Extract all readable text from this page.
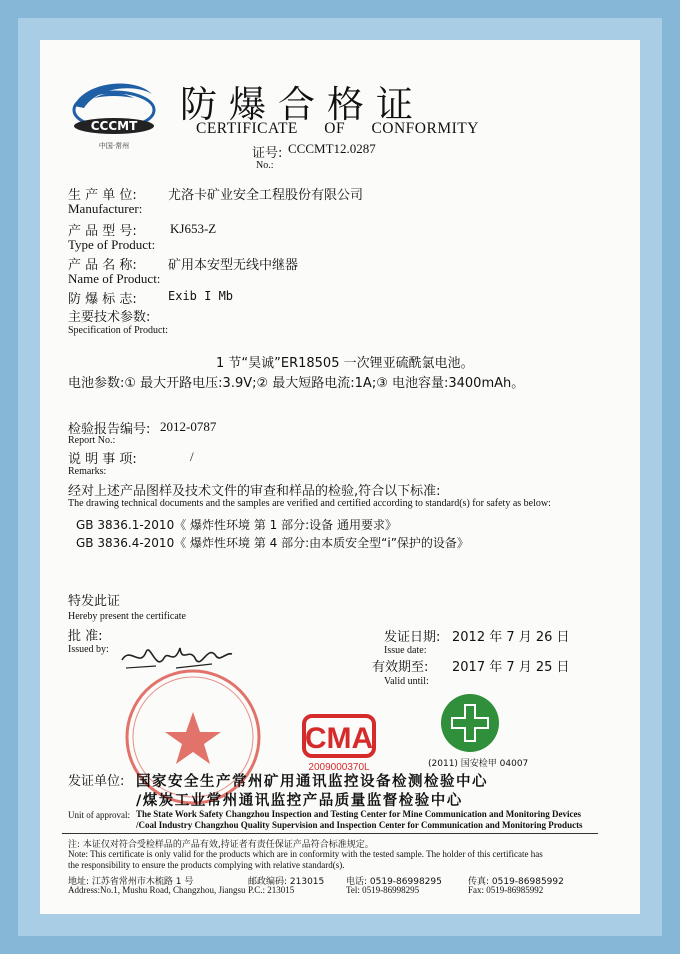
CCCMT
中国·常州
防爆合格证
CERTIFICATE OF CONFORMITY
证号: CCCMT12.0287
No.:
生 产 单 位: 尤洛卡矿业安全工程股份有限公司
Manufacturer:
产 品 型 号:	KJ653-Z
Type of Product:
产 品 名 称: 矿用本安型无线中继器
Name of Product:
防 爆 标 志:	Exib I Mb
主要技术参数:
Specification of Product:
1 节“昊诚”ER18505 一次锂亚硫酰氯电池。
电池参数:① 最大开路电压:3.9V;② 最大短路电流:1A;③ 电池容量:3400mAh。
检验报告编号: 2012-0787
Report No.:
说 明 事 项:	/
Remarks:
经对上述产品图样及技术文件的审查和样品的检验,符合以下标准:
The drawing technical documents and the samples are verified and certified according to standard(s) for safety as below:
GB 3836.1-2010《 爆炸性环境 第 1 部分:设备 通用要求》
GB 3836.4-2010《 爆炸性环境 第 4 部分:由本质安全型“i”保护的设备》
特发此证
Hereby present the certificate
批 准:
Issued by:
发证日期: 2012 年 7 月 26 日
Issue date:
有效期至: 2017 年 7 月 25 日
Valid until:
CMA
2009000370L	(2011) 国安检甲 04007
发证单位: 国家安全生产常州矿用通讯监控设备检测检验中心
/煤炭工业常州通讯监控产品质量监督检验中心
Unit of approval: The State Work Safety Changzhou Inspection and Testing Center for Mine Communication and Monitoring Devices
/Coal Industry Changzhou Quality Supervision and Inspection Center for Communication and Monitoring Products
注: 本证仅对符合受检样品的产品有效,持证者有责任保证产品符合标准规定。
Note: This certificate is only valid for the products which are in conformity with the tested sample. The holder of this certificate has
the responsibility to ensure the products complying with relative standard(s).
地址: 江苏省常州市木梳路 1 号
Address:No.1, Mushu Road, Changzhou, Jiangsu
邮政编码: 213015
P.C.: 213015
电话: 0519-86998295
Tel: 0519-86998295
传真: 0519-86985992
Fax: 0519-86985992
